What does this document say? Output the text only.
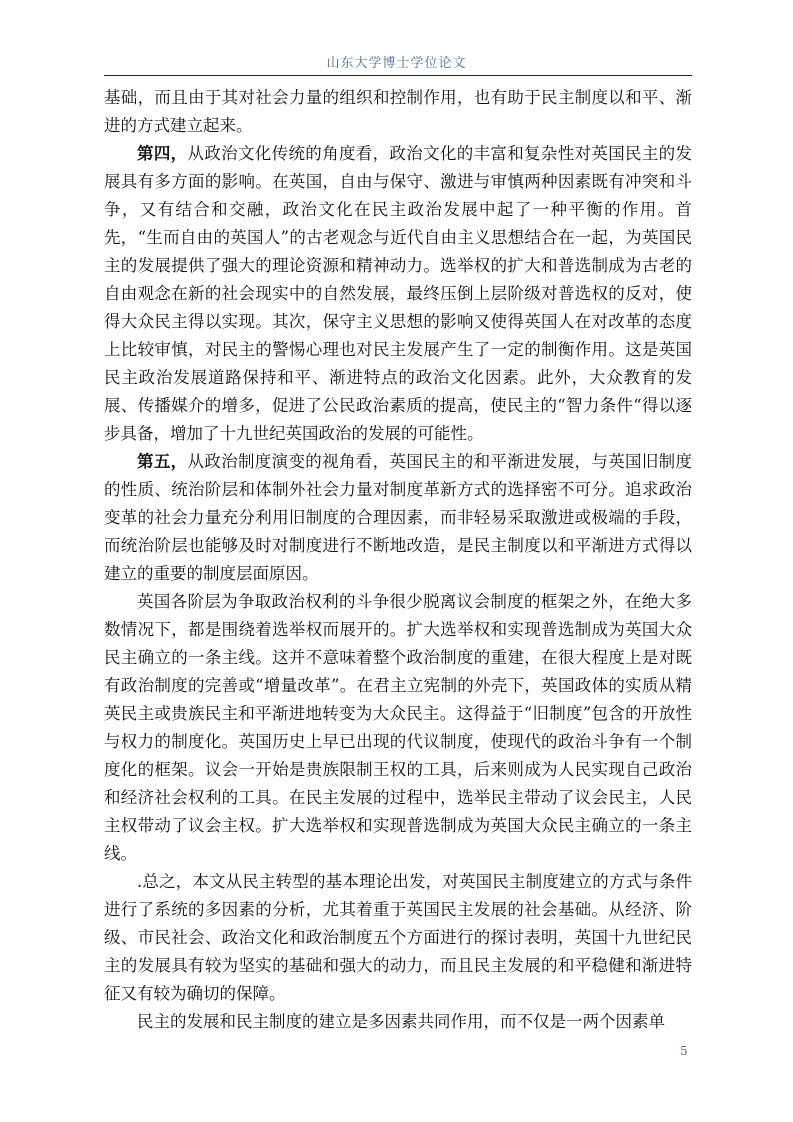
山东大学博士学位论文

基础，而且由于其对社会力量的组织和控制作用，也有助于民主制度以和平、渐进的方式建立起来。

第四，从政治文化传统的角度看，政治文化的丰富和复杂性对英国民主的发展具有多方面的影响。在英国，自由与保守、激进与审慎两种因素既有冲突和斗争，又有结合和交融，政治文化在民主政治发展中起了一种平衡的作用。首先，“生而自由的英国人”的古老观念与近代自由主义思想结合在一起，为英国民主的发展提供了强大的理论资源和精神动力。选举权的扩大和普选制成为古老的自由观念在新的社会现实中的自然发展，最终压倒上层阶级对普选权的反对，使得大众民主得以实现。其次，保守主义思想的影响又使得英国人在对改革的态度上比较审慎，对民主的警惕心理也对民主发展产生了一定的制衡作用。这是英国民主政治发展道路保持和平、渐进特点的政治文化因素。此外，大众教育的发展、传播媒介的增多，促进了公民政治素质的提高，使民主的“智力条件“得以逐步具备，增加了十九世纪英国政治的发展的可能性。

第五，从政治制度演变的视角看，英国民主的和平渐进发展，与英国旧制度的性质、统治阶层和体制外社会力量对制度革新方式的选择密不可分。追求政治变革的社会力量充分利用旧制度的合理因素，而非轻易采取激进或极端的手段，而统治阶层也能够及时对制度进行不断地改造，是民主制度以和平渐进方式得以建立的重要的制度层面原因。

英国各阶层为争取政治权利的斗争很少脱离议会制度的框架之外，在绝大多数情况下，都是围绕着选举权而展开的。扩大选举权和实现普选制成为英国大众民主确立的一条主线。这并不意味着整个政治制度的重建，在很大程度上是对既有政治制度的完善或“增量改革”。在君主立宪制的外壳下，英国政体的实质从精英民主或贵族民主和平渐进地转变为大众民主。这得益于“旧制度”包含的开放性与权力的制度化。英国历史上早已出现的代议制度，使现代的政治斗争有一个制度化的框架。议会一开始是贵族限制王权的工具，后来则成为人民实现自己政治和经济社会权利的工具。在民主发展的过程中，选举民主带动了议会民主，人民主权带动了议会主权。扩大选举权和实现普选制成为英国大众民主确立的一条主线。

.总之，本文从民主转型的基本理论出发，对英国民主制度建立的方式与条件进行了系统的多因素的分析，尤其着重于英国民主发展的社会基础。从经济、阶级、市民社会、政治文化和政治制度五个方面进行的探讨表明，英国十九世纪民主的发展具有较为坚实的基础和强大的动力，而且民主发展的和平稳健和渐进特征又有较为确切的保障。

民主的发展和民主制度的建立是多因素共同作用，而不仅是一两个因素单

5
